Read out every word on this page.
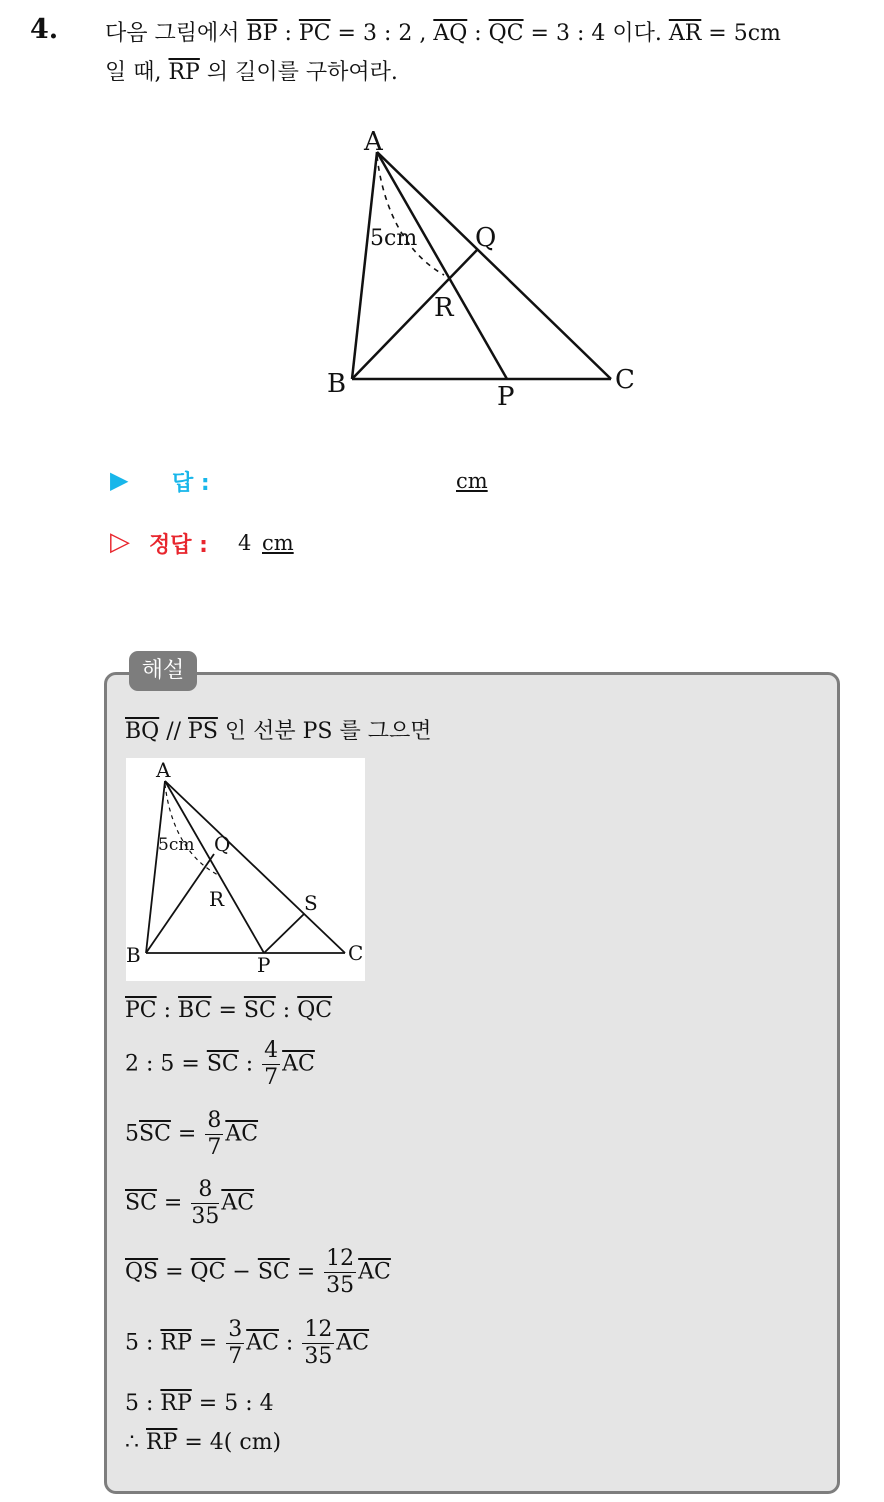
4. 다음 그림에서 $\overline{BP}$ : $\overline{PC} = 3$ : 2 , $\overline{AQ}$ : $\overline{QC} = 3$ : 4 이다. $\overline{AR} = 5cm$
일 때, $\overline{RP}$ 의 길이를 구하여라.
A
B	C
P
Q
R
5cm
▶ 답 :	cm
▷ 정답 : 4 cm
해설
$\overline{BQ} // \overline{PS}$ 인 선분 PS 를 그으면
A
B	C
P
Q
R	S
5cm
$\overline{PC}$ : $\overline{BC} = \overline{SC}$ : $\overline{QC}$
2 : $5 = \overline{SC}$ : $\frac{4}{7} \overline{AC}$
$5\overline{SC} = \frac{8}{7} \overline{AC}$
$\overline{SC} = \frac{8}{35} \overline{AC}$
$\overline{QS} = \overline{QC} - \overline{SC} = \frac{12}{35} \overline{AC}$
5 : $\overline{RP} = \frac{3}{7} \overline{AC}$ : $\frac{12}{35} \overline{AC}$
5 : $\overline{RP} = 5$ : 4
∴ $\overline{RP} = 4$( cm)
